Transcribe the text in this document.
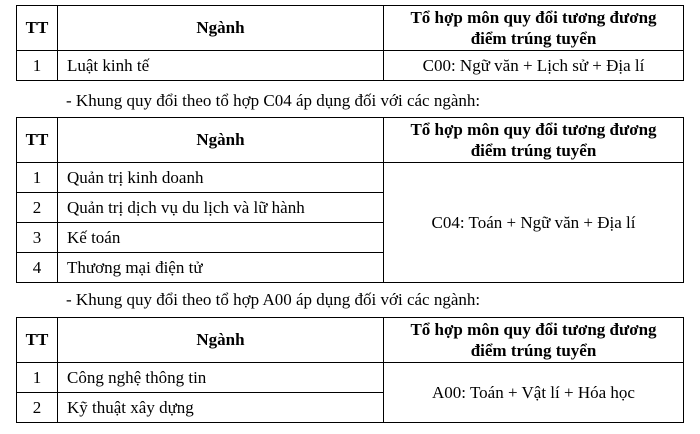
TT	Ngành	Tổ hợp môn quy đổi tương đương
điểm trúng tuyển
1	Luật kinh tế	C00: Ngữ văn + Lịch sử + Địa lí
- Khung quy đổi theo tổ hợp C04 áp dụng đối với các ngành:
TT	Ngành	Tổ hợp môn quy đổi tương đương
điểm trúng tuyển
1	Quản trị kinh doanh	C04: Toán + Ngữ văn + Địa lí
2	Quản trị dịch vụ du lịch và lữ hành	
3	Kế toán	
4	Thương mại điện tử	
- Khung quy đổi theo tổ hợp A00 áp dụng đối với các ngành:
TT	Ngành	Tổ hợp môn quy đổi tương đương
điểm trúng tuyển
1	Công nghệ thông tin	A00: Toán + Vật lí + Hóa học
2	Kỹ thuật xây dựng	
